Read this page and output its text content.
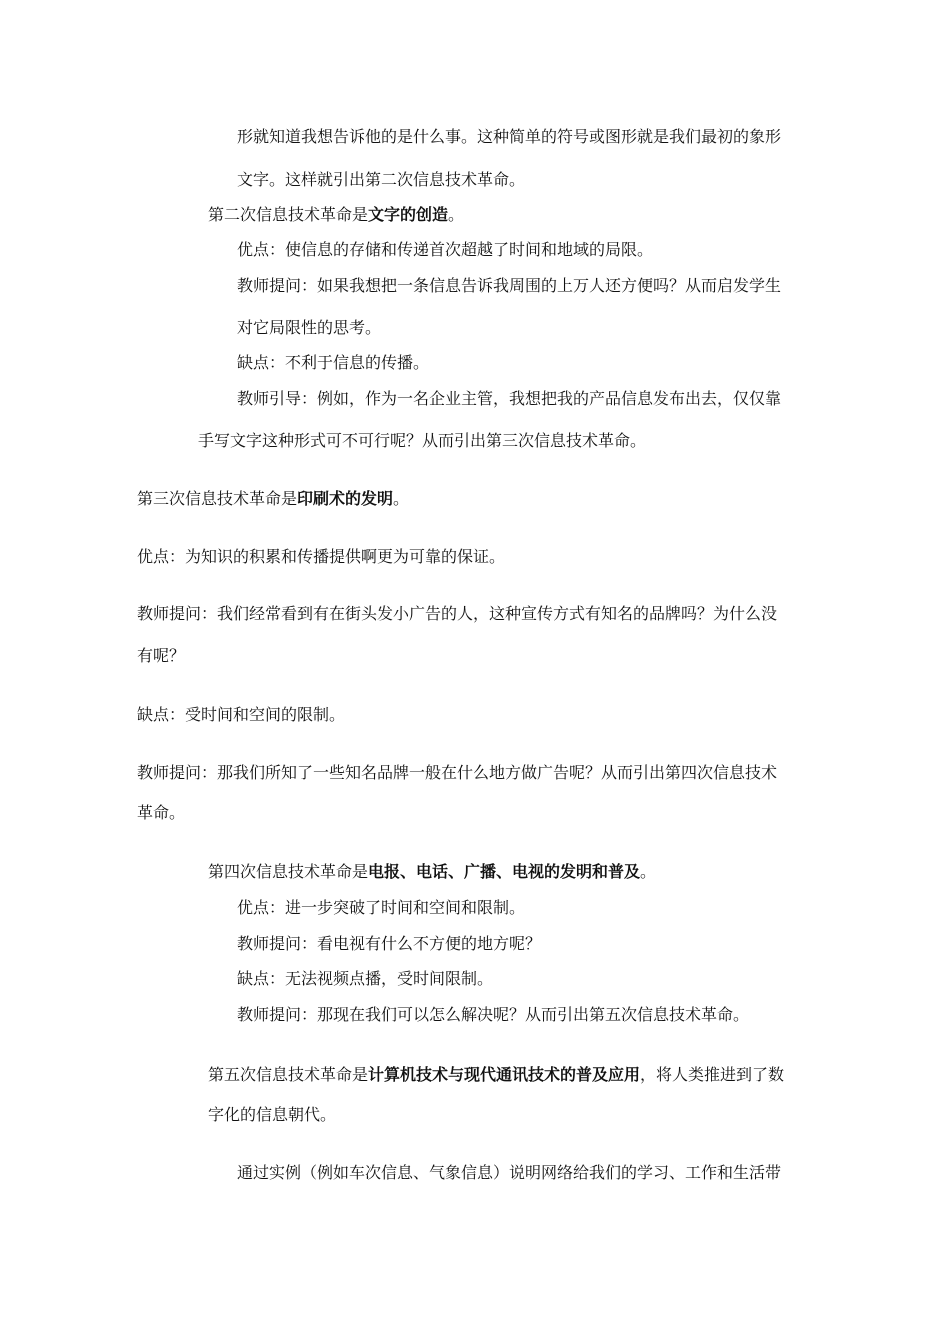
形就知道我想告诉他的是什么事。这种简单的符号或图形就是我们最初的象形
文字。这样就引出第二次信息技术革命。
第二次信息技术革命是文字的创造。
优点：使信息的存储和传递首次超越了时间和地域的局限。
教师提问：如果我想把一条信息告诉我周围的上万人还方便吗？从而启发学生
对它局限性的思考。
缺点：不利于信息的传播。
教师引导：例如，作为一名企业主管，我想把我的产品信息发布出去，仅仅靠
手写文字这种形式可不可行呢？从而引出第三次信息技术革命。
第三次信息技术革命是印刷术的发明。
优点：为知识的积累和传播提供啊更为可靠的保证。
教师提问：我们经常看到有在街头发小广告的人，这种宣传方式有知名的品牌吗？为什么没
有呢？
缺点：受时间和空间的限制。
教师提问：那我们所知了一些知名品牌一般在什么地方做广告呢？从而引出第四次信息技术
革命。
第四次信息技术革命是电报、电话、广播、电视的发明和普及。
优点：进一步突破了时间和空间和限制。
教师提问：看电视有什么不方便的地方呢？
缺点：无法视频点播，受时间限制。
教师提问：那现在我们可以怎么解决呢？从而引出第五次信息技术革命。
第五次信息技术革命是计算机技术与现代通讯技术的普及应用，将人类推进到了数
字化的信息朝代。
通过实例（例如车次信息、气象信息）说明网络给我们的学习、工作和生活带
